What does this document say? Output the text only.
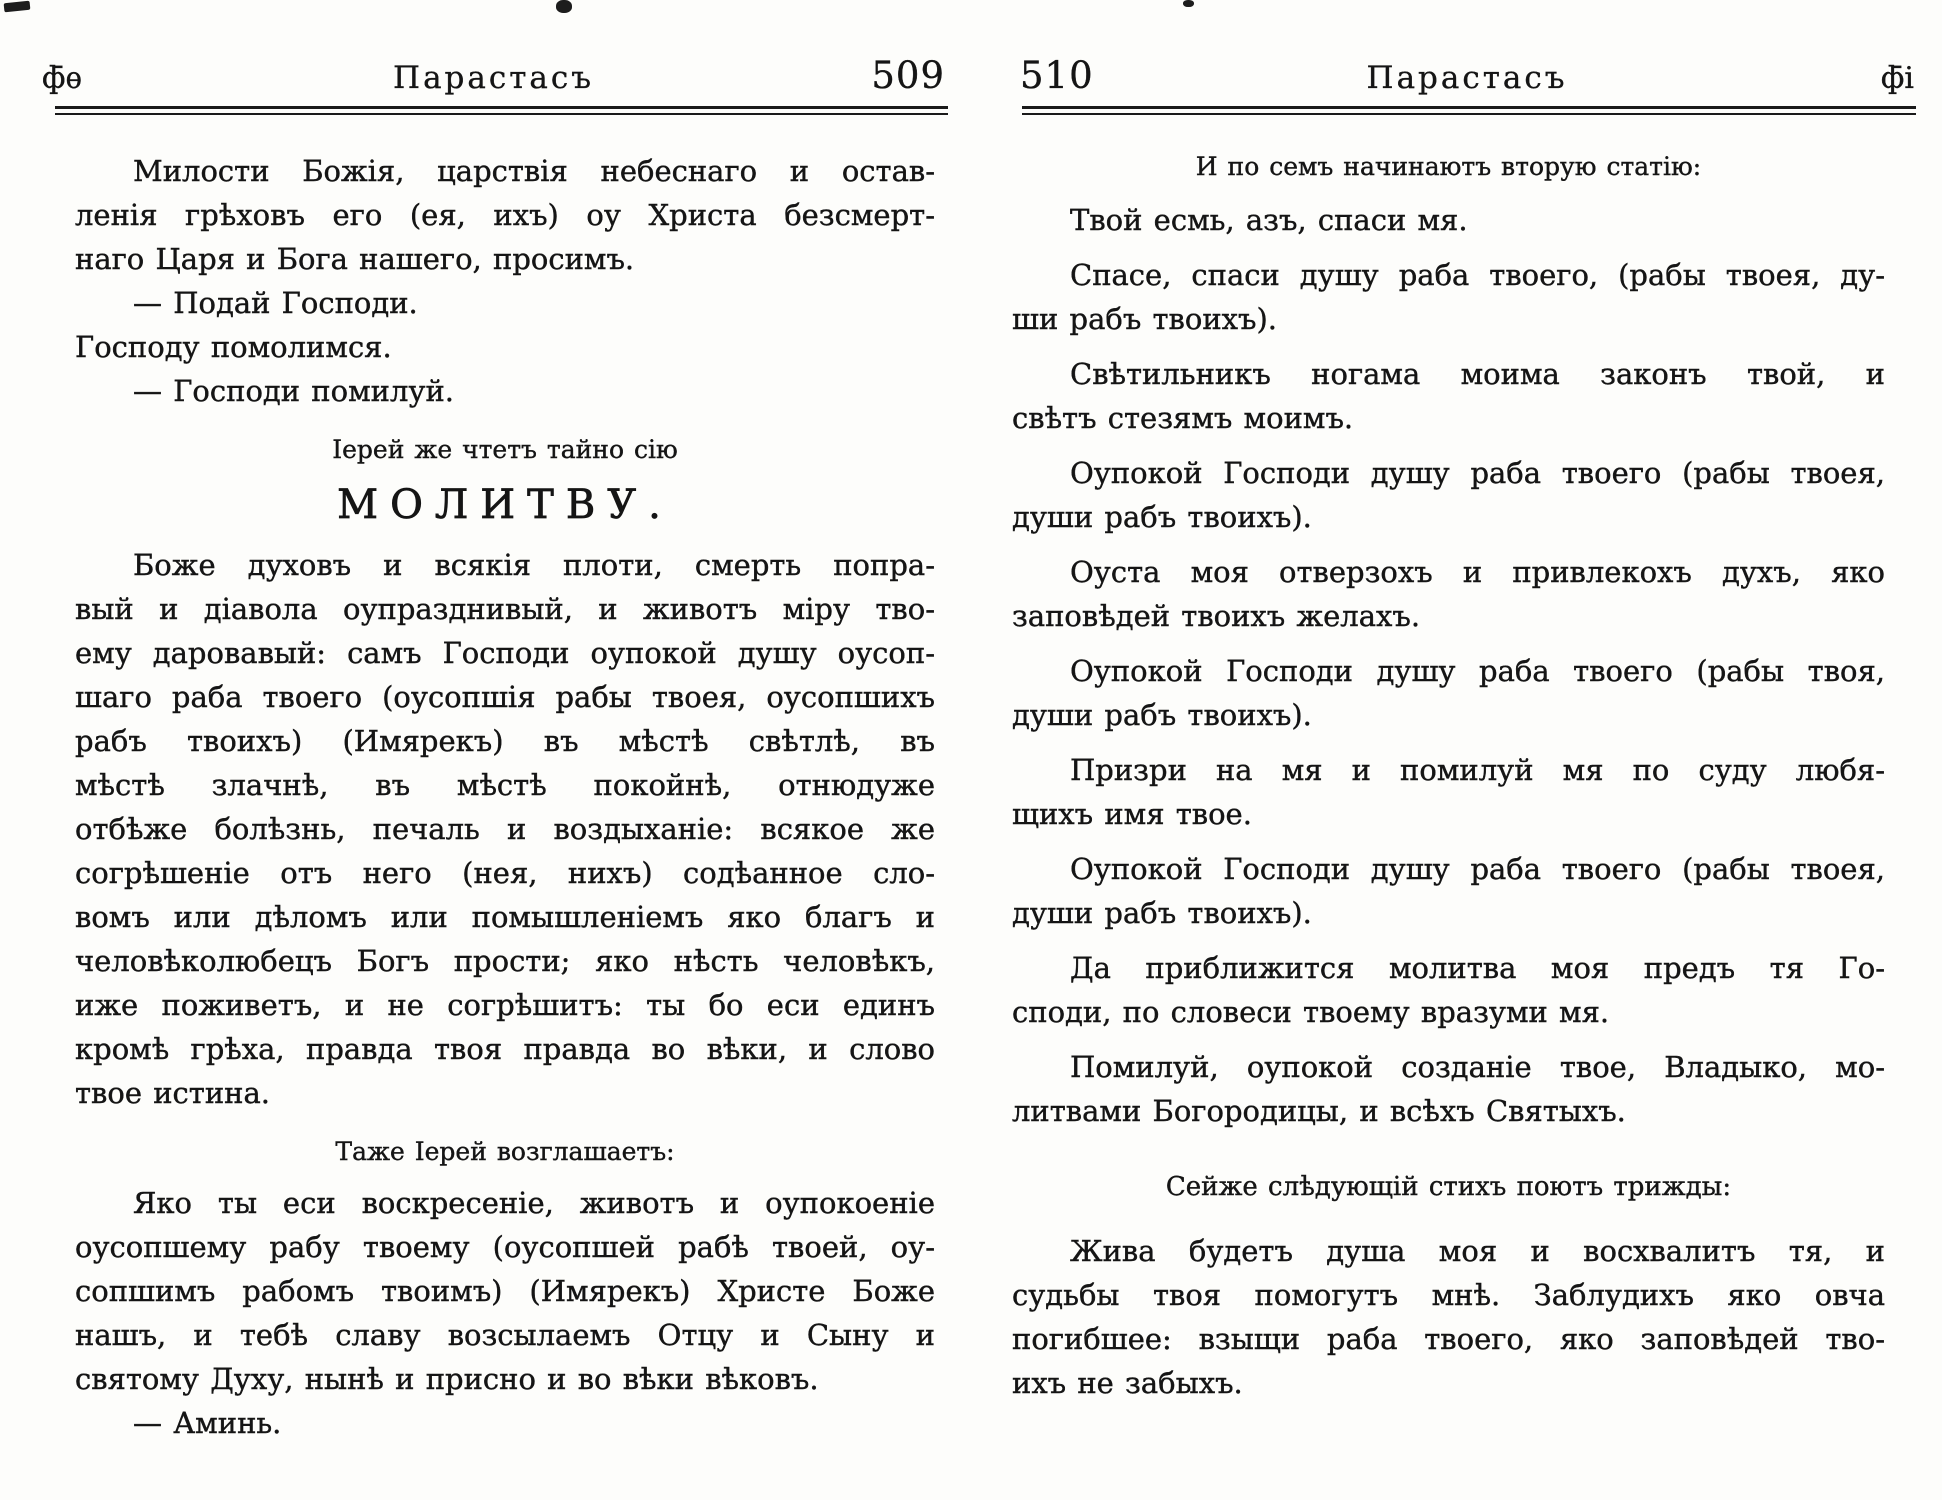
ф̄ѳ	Парастасъ	509
Милости Божія, царствія небеснаго и остав-
ленія грѣховъ его (ея, ихъ) оу Христа безсмерт-
наго Царя и Бога нашего, просимъ.
— Подай Господи.
Господу помолимся.
— Господи помилуй.
Іерей же чтетъ тайно сію
МОЛИТВУ.
Боже духовъ и всякія плоти, смерть попра-
вый и діавола оупразднивый, и животъ міру тво-
ему даровавый: самъ Господи оупокой душу оусоп-
шаго раба твоего (оусопшія рабы твоея, оусопшихъ
рабъ твоихъ) (Имярекъ) въ мѣстѣ свѣтлѣ, въ
мѣстѣ злачнѣ, въ мѣстѣ покойнѣ, отнюдуже
отбѣже болѣзнь, печаль и воздыханіе: всякое же
согрѣшеніе отъ него (нея, нихъ) содѣанное сло-
вомъ или дѣломъ или помышленіемъ яко благъ и
человѣколюбецъ Богъ прости; яко нѣсть человѣкъ,
иже поживетъ, и не согрѣшитъ: ты бо еси единъ
кромѣ грѣха, правда твоя правда во вѣки, и слово
твое истина.
Таже Іерей возглашаетъ:
Яко ты еси воскресеніе, животъ и оупокоеніе
оусопшему рабу твоему (оусопшей рабѣ твоей, оу-
сопшимъ рабомъ твоимъ) (Имярекъ) Христе Боже
нашъ, и тебѣ славу возсылаемъ Отцу и Сыну и
святому Духу, нынѣ и присно и во вѣки вѣковъ.
— Аминь.
510	Парастасъ	ф̄і
И по семъ начинаютъ вторую статію:
Твой есмь, азъ, спаси мя.
Спасе, спаси душу раба твоего, (рабы твоея, ду-
ши рабъ твоихъ).
Свѣтильникъ ногама моима законъ твой, и
свѣтъ стезямъ моимъ.
Оупокой Господи душу раба твоего (рабы твоея,
души рабъ твоихъ).
Оуста моя отверзохъ и привлекохъ духъ, яко
заповѣдей твоихъ желахъ.
Оупокой Господи душу раба твоего (рабы твоя,
души рабъ твоихъ).
Призри на мя и помилуй мя по суду любя-
щихъ имя твое.
Оупокой Господи душу раба твоего (рабы твоея,
души рабъ твоихъ).
Да приближится молитва моя предъ тя Го-
споди, по словеси твоему вразуми мя.
Помилуй, оупокой созданіе твое, Владыко, мо-
литвами Богородицы, и всѣхъ Святыхъ.
Сейже слѣдующій стихъ поютъ трижды:
Жива будетъ душа моя и восхвалитъ тя, и
судьбы твоя помогутъ мнѣ. Заблудихъ яко овча
погибшее: взыщи раба твоего, яко заповѣдей тво-
ихъ не забыхъ.
